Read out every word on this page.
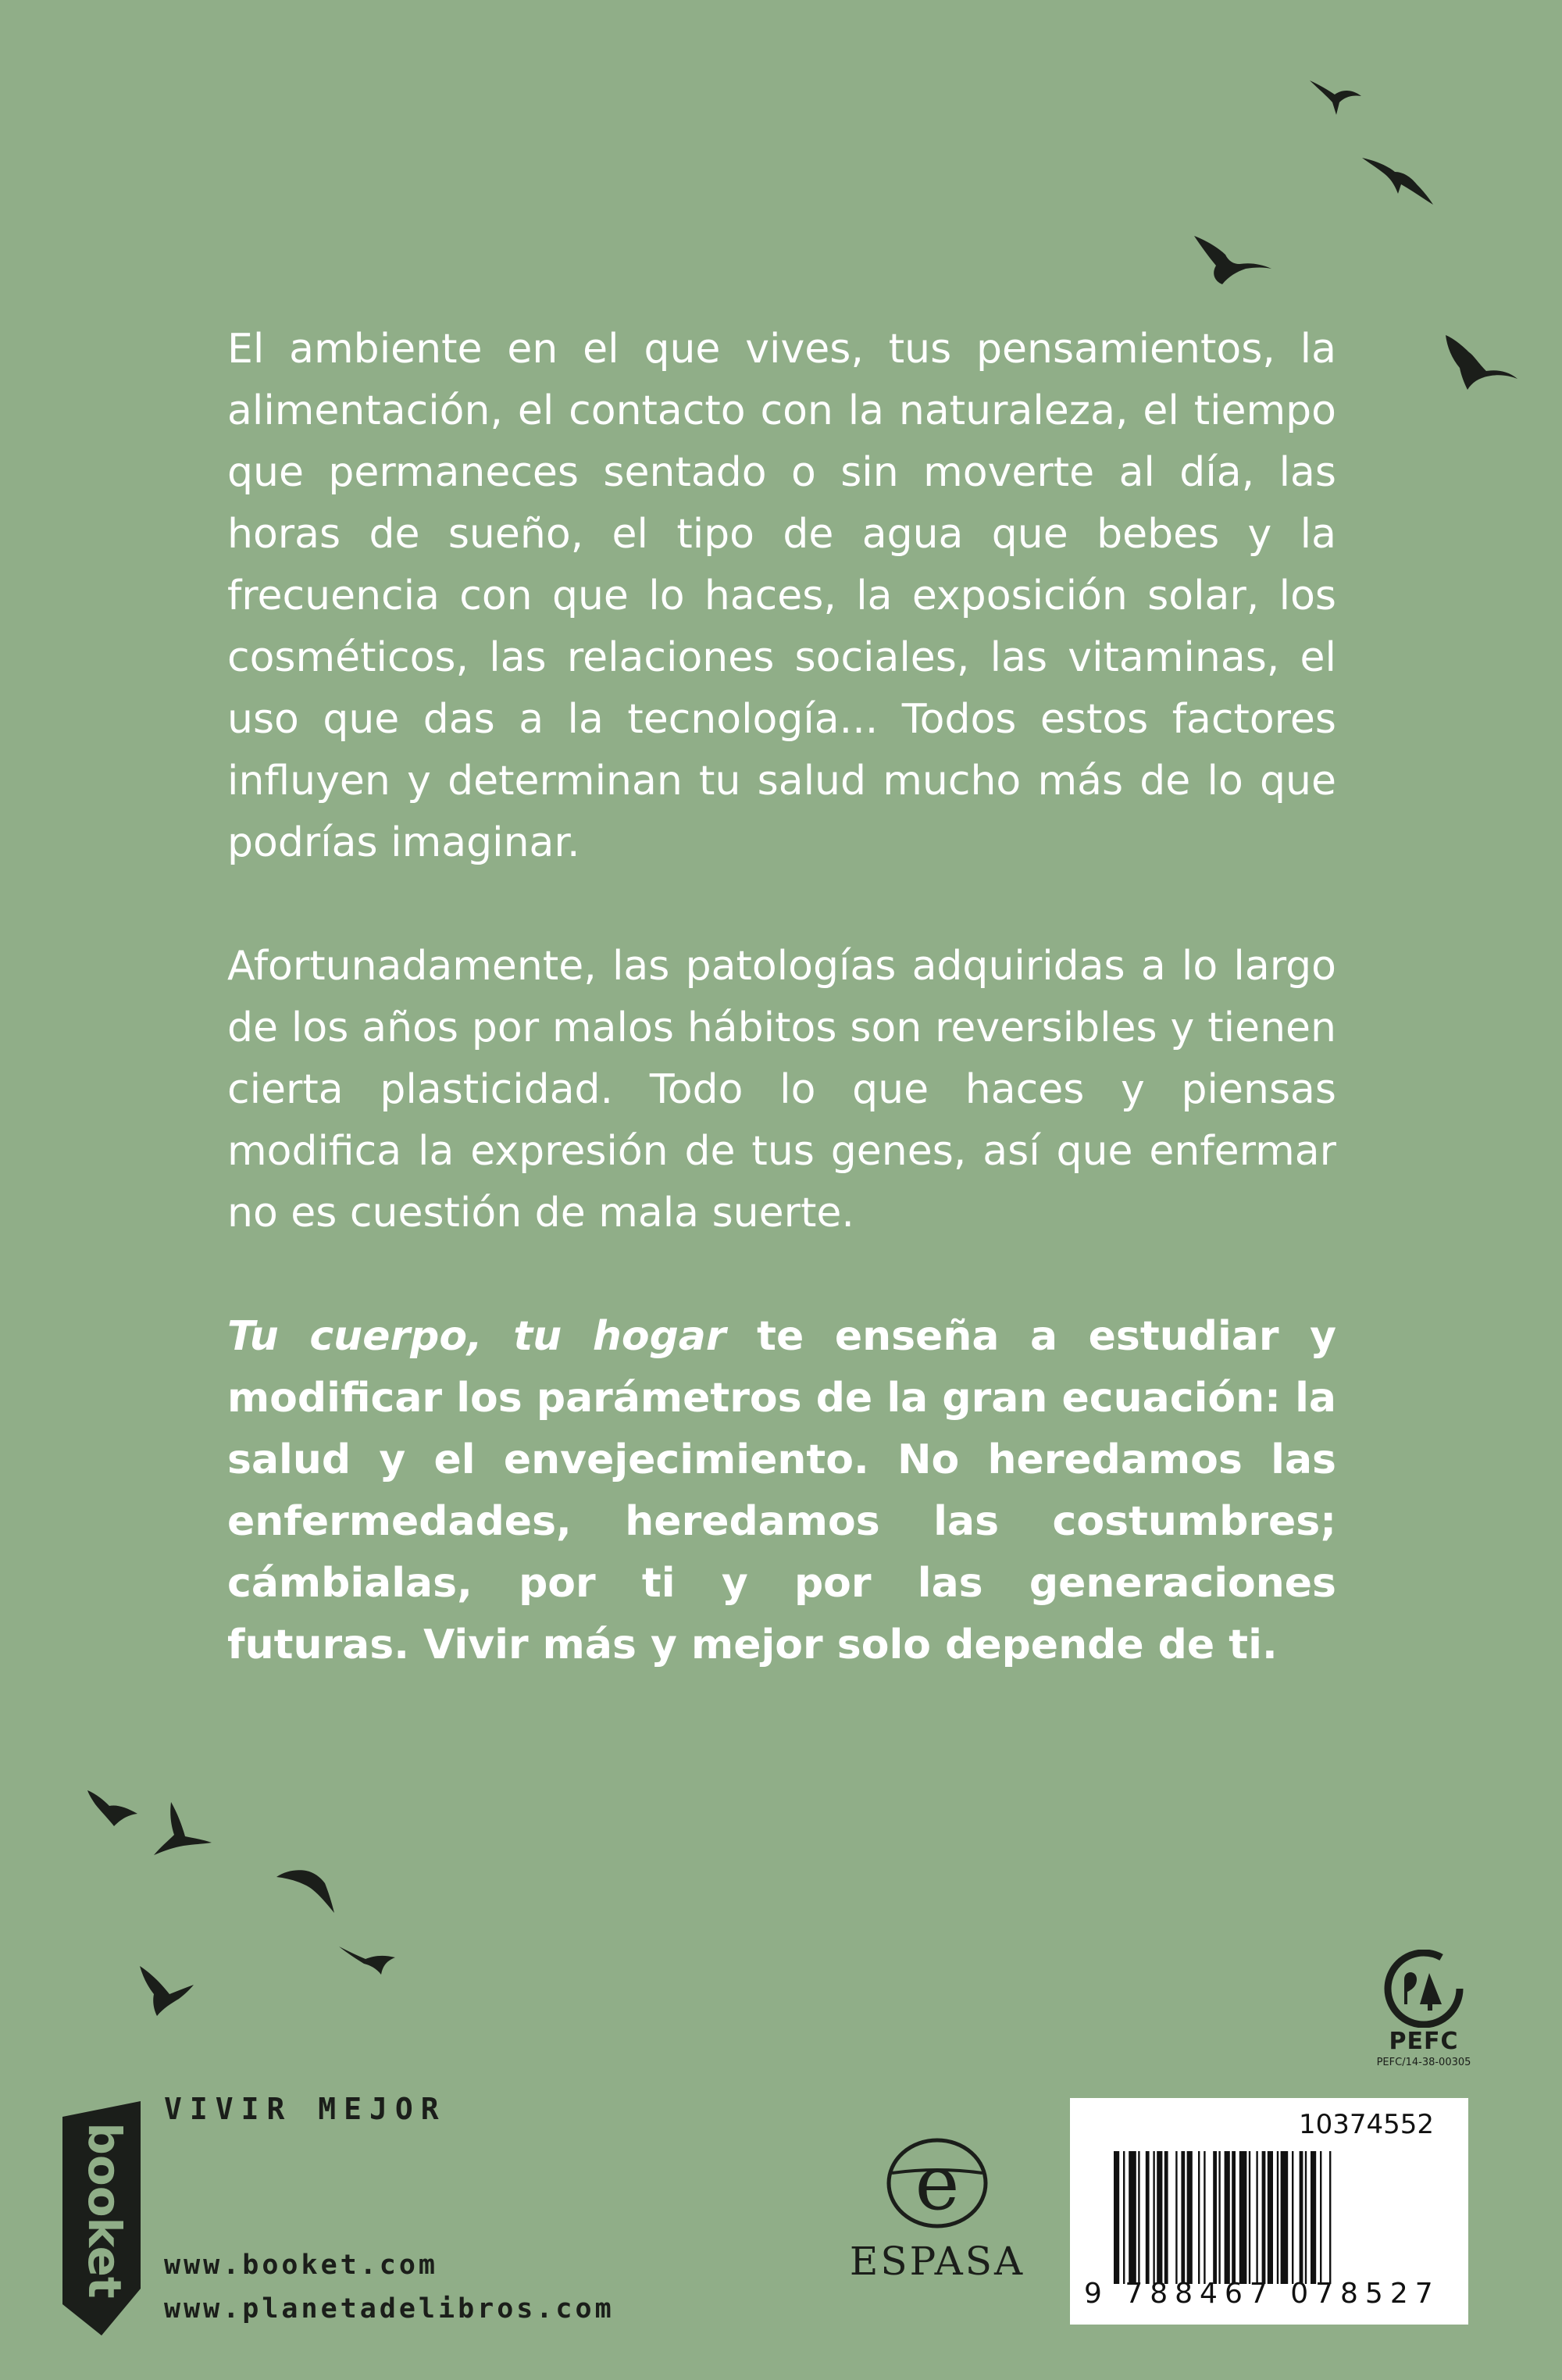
El ambiente en el que vives, tus pensamientos, la alimentación, el contacto con la naturaleza, el tiempo que permaneces sentado o sin moverte al día, las horas de sueño, el tipo de agua que bebes y la frecuencia con que lo haces, la exposición solar, los cosméticos, las relaciones sociales, las vitaminas, el uso que das a la tecnología... Todos estos factores influyen y determinan tu salud mucho más de lo que podrías imaginar.

Afortunadamente, las patologías adquiridas a lo largo de los años por malos hábitos son reversibles y tienen cierta plasticidad. Todo lo que haces y piensas modifica la expresión de tus genes, así que enfermar no es cuestión de mala suerte.

Tu cuerpo, tu hogar te enseña a estudiar y modificar los parámetros de la gran ecuación: la salud y el envejecimiento. No heredamos las enfermedades, heredamos las costumbres; cámbialas, por ti y por las generaciones futuras. Vivir más y mejor solo depende de ti.

PEFC
PEFC/14-38-00305
booket
VIVIR MEJOR
www.booket.com
www.planetadelibros.com
e
ESPASA
10374552
9 788467 078527
